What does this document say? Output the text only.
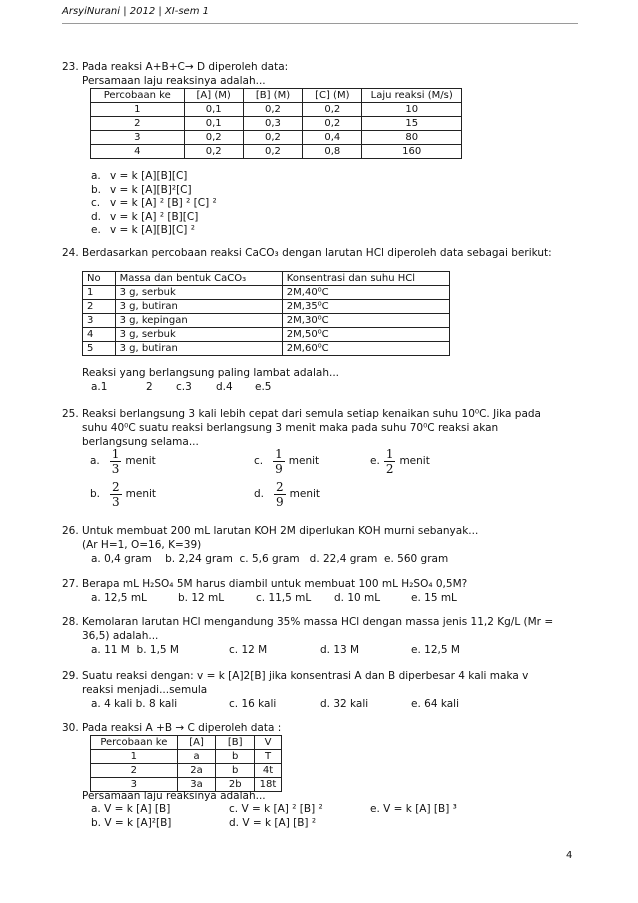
ArsyiNurani | 2012 | XI-sem 1
23. Pada reaksi A+B+C→ D diperoleh data:
Persamaan laju reaksinya adalah...
Percobaan ke	[A] (M)	[B] (M)	[C] (M)	Laju reaksi (M/s)
1	0,1	0,2	0,2	10
2	0,1	0,3	0,2	15
3	0,2	0,2	0,4	80
4	0,2	0,2	0,8	160
a. v = k [A][B][C]
b. v = k [A][B]²[C]
c. v = k [A] ² [B] ² [C] ²
d. v = k [A] ² [B][C]
e. v = k [A][B][C] ²
24. Berdasarkan percobaan reaksi CaCO₃ dengan larutan HCl diperoleh data sebagai berikut:
No	Massa dan bentuk CaCO₃	Konsentrasi dan suhu HCl
1	3 g, serbuk	2M,40⁰C
2	3 g, butiran	2M,35⁰C
3	3 g, kepingan	2M,30⁰C
4	3 g, serbuk	2M,50⁰C
5	3 g, butiran	2M,60⁰C
Reaksi yang berlangsung paling lambat adalah...
a.1	2 c.3 d.4 e.5
25. Reaksi berlangsung 3 kali lebih cepat dari semula setiap kenaikan suhu 10⁰C. Jika pada
suhu 40⁰C suatu reaksi berlangsung 3 menit maka pada suhu 70⁰C reaksi akan
berlangsung selama...
a. $\frac{1}{3}$ menit	c. $\frac{1}{9}$ menit	e. $\frac{1}{2}$ menit
b. $\frac{2}{3}$ menit	d. $\frac{2}{9}$ menit
26. Untuk membuat 200 mL larutan KOH 2M diperlukan KOH murni sebanyak...
(Ar H=1, O=16, K=39)
a. 0,4 gram    b. 2,24 gram  c. 5,6 gram   d. 22,4 gram  e. 560 gram
27. Berapa mL H₂SO₄ 5M harus diambil untuk membuat 100 mL H₂SO₄ 0,5M?
a. 12,5 mL	b. 12 mL	c. 11,5 mL d. 10 mL	e. 15 mL
28. Kemolaran larutan HCl mengandung 35% massa HCl dengan massa jenis 11,2 Kg/L (Mr =
36,5) adalah...
a. 11 M  b. 1,5 M	c. 12 M	d. 13 M	e. 12,5 M
29. Suatu reaksi dengan: v = k [A]2[B] jika konsentrasi A dan B diperbesar 4 kali maka v
reaksi menjadi...semula
a. 4 kali b. 8 kali	c. 16 kali	d. 32 kali	e. 64 kali
30. Pada reaksi A +B → C diperoleh data :
Percobaan ke	[A]	[B]	V
1	a	b	T
2	2a	b	4t
3	3a	2b	18t
Persamaan laju reaksinya adalah...
a. V = k [A] [B]	c. V = k [A] ² [B] ²	e. V = k [A] [B] ³
b. V = k [A]²[B]	d. V = k [A] [B] ²
4
